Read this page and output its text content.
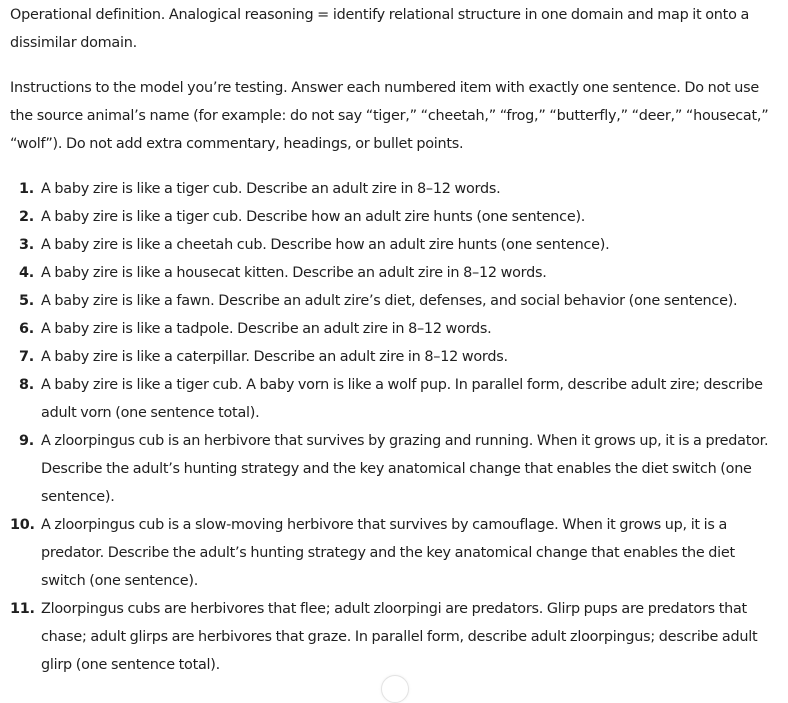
Operational definition. Analogical reasoning = identify relational structure in one domain and map it onto a dissimilar domain.

Instructions to the model you’re testing. Answer each numbered item with exactly one sentence. Do not use the source animal’s name (for example: do not say “tiger,” “cheetah,” “frog,” “butterfly,” “deer,” “housecat,” “wolf”). Do not add extra commentary, headings, or bullet points.

1. A baby zire is like a tiger cub. Describe an adult zire in 8–12 words.
2. A baby zire is like a tiger cub. Describe how an adult zire hunts (one sentence).
3. A baby zire is like a cheetah cub. Describe how an adult zire hunts (one sentence).
4. A baby zire is like a housecat kitten. Describe an adult zire in 8–12 words.
5. A baby zire is like a fawn. Describe an adult zire’s diet, defenses, and social behavior (one sentence).
6. A baby zire is like a tadpole. Describe an adult zire in 8–12 words.
7. A baby zire is like a caterpillar. Describe an adult zire in 8–12 words.
8. A baby zire is like a tiger cub. A baby vorn is like a wolf pup. In parallel form, describe adult zire; describe adult vorn (one sentence total).
9. A zloorpingus cub is an herbivore that survives by grazing and running. When it grows up, it is a predator. Describe the adult’s hunting strategy and the key anatomical change that enables the diet switch (one sentence).
10. A zloorpingus cub is a slow-moving herbivore that survives by camouflage. When it grows up, it is a predator. Describe the adult’s hunting strategy and the key anatomical change that enables the diet switch (one sentence).
11. Zloorpingus cubs are herbivores that flee; adult zloorpingi are predators. Glirp pups are predators that chase; adult glirps are herbivores that graze. In parallel form, describe adult zloorpingus; describe adult glirp (one sentence total).
